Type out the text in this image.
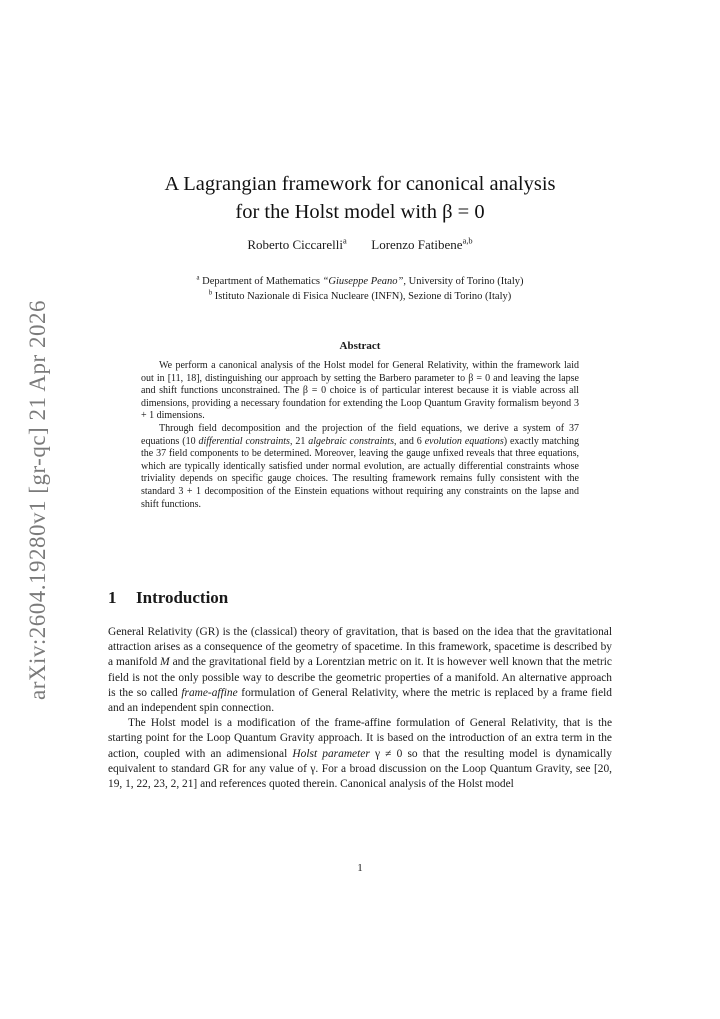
arXiv:2604.19280v1 [gr-qc] 21 Apr 2026
A Lagrangian framework for canonical analysis
for the Holst model with β = 0
Roberto Ciccarelli$^a$ Lorenzo Fatibene$^{a,b}$
$^a$ Department of Mathematics “Giuseppe Peano”, University of Torino (Italy)
$^b$ Istituto Nazionale di Fisica Nucleare (INFN), Sezione di Torino (Italy)
Abstract

We perform a canonical analysis of the Holst model for General Relativity, within the framework laid out in [11, 18], distinguishing our approach by setting the Barbero parameter to β = 0 and leaving the lapse and shift functions unconstrained. The β = 0 choice is of particular interest because it is viable across all dimensions, providing a necessary foundation for extending the Loop Quantum Gravity formalism beyond 3 + 1 dimensions.

Through field decomposition and the projection of the field equations, we derive a system of 37 equations (10 differential constraints, 21 algebraic constraints, and 6 evolution equations) exactly matching the 37 field components to be determined. Moreover, leaving the gauge unfixed reveals that three equations, which are typically identically satisfied under normal evolution, are actually differential constraints whose triviality depends on specific gauge choices. The resulting framework remains fully consistent with the standard 3 + 1 decomposition of the Einstein equations without requiring any constraints on the lapse and shift functions.

1 Introduction

General Relativity (GR) is the (classical) theory of gravitation, that is based on the idea that the gravitational attraction arises as a consequence of the geometry of spacetime. In this framework, spacetime is described by a manifold M and the gravitational field by a Lorentzian metric on it. It is however well known that the metric field is not the only possible way to describe the geometric properties of a manifold. An alternative approach is the so called frame-affine formulation of General Relativity, where the metric is replaced by a frame field and an independent spin connection.

The Holst model is a modification of the frame-affine formulation of General Relativity, that is the starting point for the Loop Quantum Gravity approach. It is based on the introduction of an extra term in the action, coupled with an adimensional Holst parameter γ ≠ 0 so that the resulting model is dynamically equivalent to standard GR for any value of γ. For a broad discussion on the Loop Quantum Gravity, see [20, 19, 1, 22, 23, 2, 21] and references quoted therein. Canonical analysis of the Holst model

1
